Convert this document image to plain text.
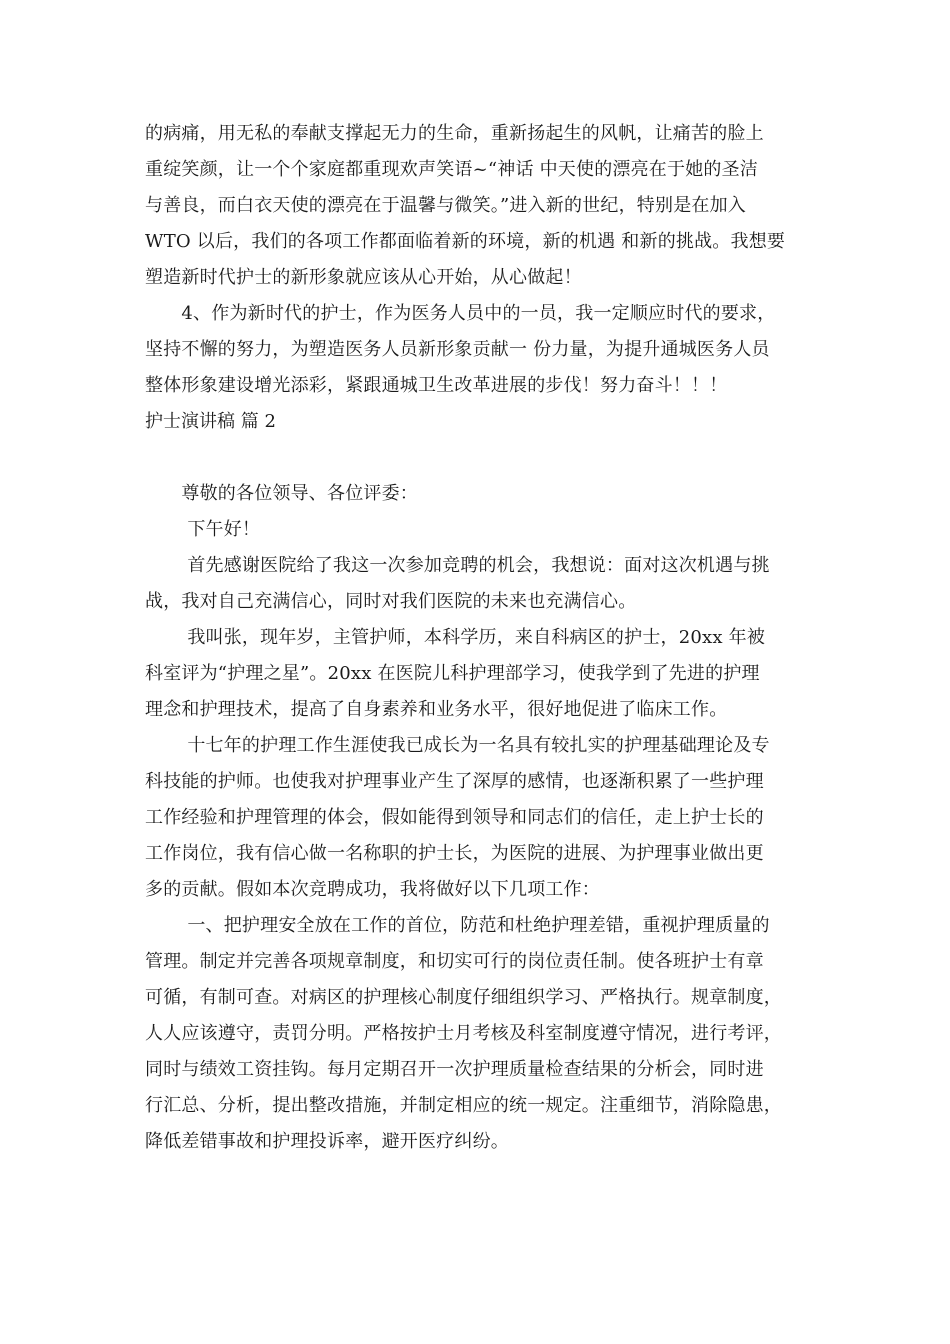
的病痛，用无私的奉献支撑起无力的生命，重新扬起生的风帆，让痛苦的脸上
重绽笑颜，让一个个家庭都重现欢声笑语~“神话 中天使的漂亮在于她的圣洁
与善良，而白衣天使的漂亮在于温馨与微笑。”进入新的世纪，特别是在加入
WTO 以后，我们的各项工作都面临着新的环境，新的机遇 和新的挑战。我想要
塑造新时代护士的新形象就应该从心开始，从心做起！
　　4、作为新时代的护士，作为医务人员中的一员，我一定顺应时代的要求，
坚持不懈的努力，为塑造医务人员新形象贡献一 份力量，为提升通城医务人员
整体形象建设增光添彩，紧跟通城卫生改革进展的步伐！努力奋斗！！！
护士演讲稿 篇 2
　　尊敬的各位领导、各位评委：
　　 下午好！
　　 首先感谢医院给了我这一次参加竞聘的机会，我想说：面对这次机遇与挑
战，我对自己充满信心，同时对我们医院的未来也充满信心。
　　 我叫张，现年岁，主管护师，本科学历，来自科病区的护士，20xx 年被
科室评为“护理之星”。20xx 在医院儿科护理部学习，使我学到了先进的护理
理念和护理技术，提高了自身素养和业务水平，很好地促进了临床工作。
　　 十七年的护理工作生涯使我已成长为一名具有较扎实的护理基础理论及专
科技能的护师。也使我对护理事业产生了深厚的感情，也逐渐积累了一些护理
工作经验和护理管理的体会，假如能得到领导和同志们的信任，走上护士长的
工作岗位，我有信心做一名称职的护士长，为医院的进展、为护理事业做出更
多的贡献。假如本次竞聘成功，我将做好以下几项工作：
　　 一、把护理安全放在工作的首位，防范和杜绝护理差错，重视护理质量的
管理。制定并完善各项规章制度，和切实可行的岗位责任制。使各班护士有章
可循，有制可查。对病区的护理核心制度仔细组织学习、严格执行。规章制度，
人人应该遵守，责罚分明。严格按护士月考核及科室制度遵守情况，进行考评，
同时与绩效工资挂钩。每月定期召开一次护理质量检查结果的分析会，同时进
行汇总、分析，提出整改措施，并制定相应的统一规定。注重细节，消除隐患，
降低差错事故和护理投诉率，避开医疗纠纷。
